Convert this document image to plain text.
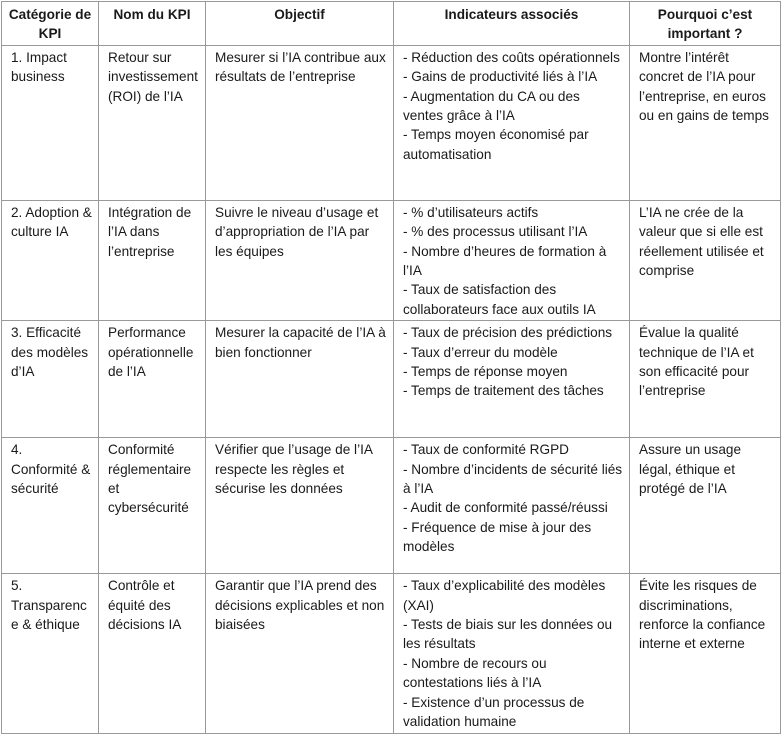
Catégorie de KPI	Nom du KPI	Objectif	Indicateurs associés	Pourquoi c’est important ?
1. Impact business	Retour sur investissement (ROI) de l’IA	Mesurer si l’IA contribue aux résultats de l’entreprise	- Réduction des coûts opérationnels
- Gains de productivité liés à l’IA
- Augmentation du CA ou des ventes grâce à l’IA
- Temps moyen économisé par automatisation	Montre l’intérêt concret de l’IA pour l’entreprise, en euros ou en gains de temps
2. Adoption & culture IA	Intégration de l’IA dans l’entreprise	Suivre le niveau d’usage et d’appropriation de l’IA par les équipes	- % d’utilisateurs actifs
- % des processus utilisant l’IA
- Nombre d’heures de formation à l’IA
- Taux de satisfaction des collaborateurs face aux outils IA	L’IA ne crée de la valeur que si elle est réellement utilisée et comprise
3. Efficacité des modèles d’IA	Performance opérationnelle de l’IA	Mesurer la capacité de l’IA à bien fonctionner	- Taux de précision des prédictions
- Taux d’erreur du modèle
- Temps de réponse moyen
- Temps de traitement des tâches	Évalue la qualité technique de l’IA et son efficacité pour l’entreprise
4. Conformité & sécurité	Conformité réglementaire et cybersécurité	Vérifier que l’usage de l’IA respecte les règles et sécurise les données	- Taux de conformité RGPD
- Nombre d’incidents de sécurité liés à l’IA
- Audit de conformité passé/réussi
- Fréquence de mise à jour des modèles	Assure un usage légal, éthique et protégé de l’IA
5. Transparence & éthique	Contrôle et équité des décisions IA	Garantir que l’IA prend des décisions explicables et non biaisées	- Taux d’explicabilité des modèles (XAI)
- Tests de biais sur les données ou les résultats
- Nombre de recours ou contestations liés à l’IA
- Existence d’un processus de validation humaine	Évite les risques de discriminations, renforce la confiance interne et externe
